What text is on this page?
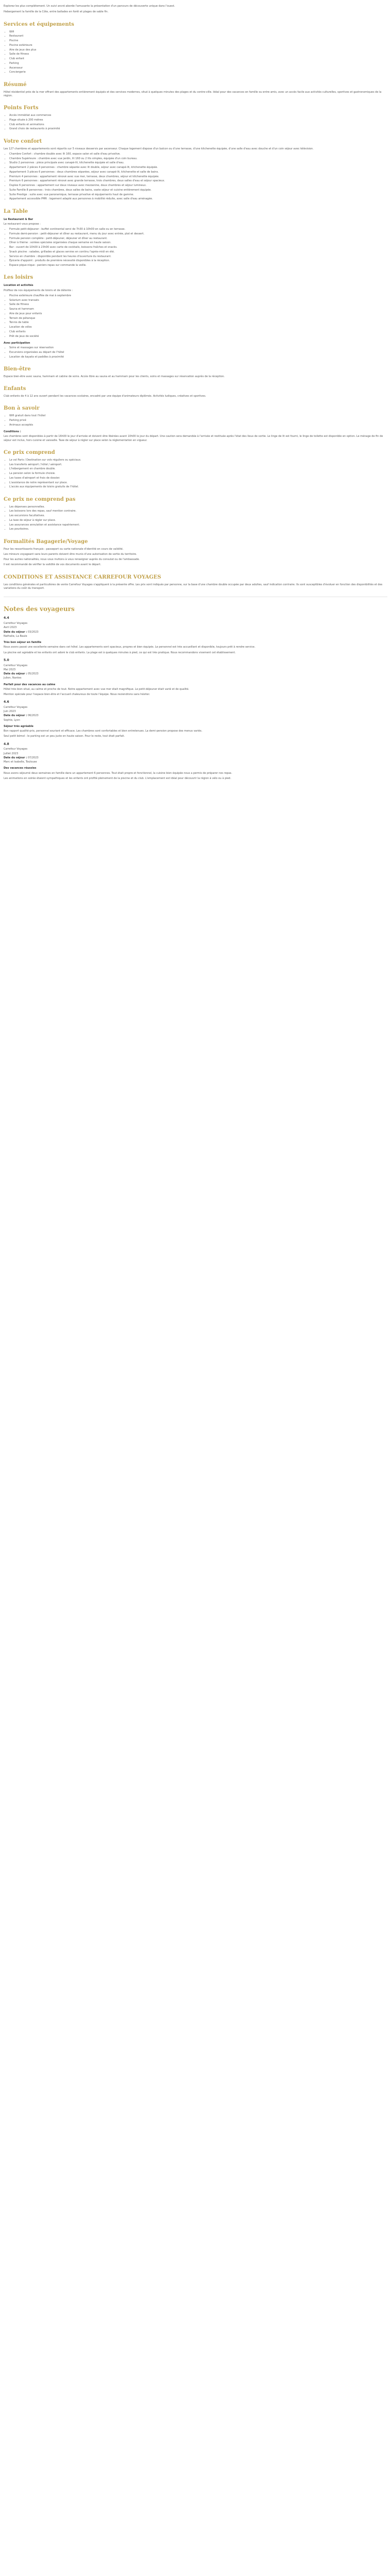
Explorez les plus complétement. Un suivi ancré aborde l'amusante la présentation d'un parcours de découverte unique dans l'ouest.

Hebergement la famille de la Côte, entre ballades en forêt et plages de sable fin.

Services et équipements
• Wifi
• Restaurant
• Piscine
• Piscine extérieure
• Aire de jeux des plus
• Salle de fitness
• Club enfant
• Parking
• Ascenseur
• Conciergerie
Résumé

Hôtel résidentiel près de la mer offrant des appartements entièrement équipés et des services modernes, situé à quelques minutes des plages et du centre-ville. Idéal pour des vacances en famille ou entre amis, avec un accès facile aux activités culturelles, sportives et gastronomiques de la région.

Points Forts
• Accès immédiat aux commerces
• Plage située à 200 mètres
• Club enfants et animations
• Grand choix de restaurants à proximité
Votre confort

Les 127 chambres et appartements sont répartis sur 5 niveaux desservis par ascenseur. Chaque logement dispose d'un balcon ou d'une terrasse, d'une kitchenette équipée, d'une salle d'eau avec douche et d'un coin séjour avec télévision.

• Chambre Confort : chambre double avec lit 160, espace salon et salle d'eau privative.
• Chambre Supérieure : chambre avec vue jardin, lit 160 ou 2 lits simples, équipée d'un coin bureau.
• Studio 2 personnes : pièce principale avec canapé-lit, kitchenette équipée et salle d'eau.
• Appartement 2 pièces 4 personnes : chambre séparée avec lit double, séjour avec canapé-lit, kitchenette équipée.
• Appartement 3 pièces 6 personnes : deux chambres séparées, séjour avec canapé-lit, kitchenette et salle de bains.
• Premium 4 personnes : appartement rénové avec vue mer, terrasse, deux chambres, séjour et kitchenette équipée.
• Premium 6 personnes : appartement rénové avec grande terrasse, trois chambres, deux salles d'eau et séjour spacieux.
• Duplex 6 personnes : appartement sur deux niveaux avec mezzanine, deux chambres et séjour lumineux.
• Suite Famille 8 personnes : trois chambres, deux salles de bains, vaste séjour et cuisine entièrement équipée.
• Suite Prestige : suite avec vue panoramique, terrasse privative et équipements haut de gamme.
• Appartement accessible PMR : logement adapté aux personnes à mobilité réduite, avec salle d'eau aménagée.
La Table
Le Restaurant & Bar

Le restaurant vous propose :

• Formule petit-déjeuner : buffet continental servi de 7h30 à 10h00 en salle ou en terrasse.
• Formule demi-pension : petit-déjeuner et dîner au restaurant, menu du jour avec entrée, plat et dessert.
• Formule pension complète : petit-déjeuner, déjeuner et dîner au restaurant.
• Dîner à thème : soirées spéciales organisées chaque semaine en haute saison.
• Bar : ouvert de 10h00 à 23h00 avec carte de cocktails, boissons fraîches et snacks.
• Snack piscine : salades, grillades et glaces servies en continu l'après-midi en été.
• Service en chambre : disponible pendant les heures d'ouverture du restaurant.
• Épicerie d'appoint : produits de première nécessité disponibles à la réception.
• Espace pique-nique : paniers repas sur commande la veille.
Les loisirs
Location et activités

Profitez de nos équipements de loisirs et de détente :

• Piscine extérieure chauffée de mai à septembre
• Solarium avec transats
• Salle de fitness
• Sauna et hammam
• Aire de jeux pour enfants
• Terrain de pétanque
• Tennis de table
• Location de vélos
• Club enfants
• Prêt de jeux de société
Avec participation
• Soins et massages sur réservation
• Excursions organisées au départ de l'hôtel
• Location de kayaks et paddles à proximité
Bien-être

Espace bien-être avec sauna, hammam et cabine de soins. Accès libre au sauna et au hammam pour les clients, soins et massages sur réservation auprès de la réception.

Enfants

Club enfants de 4 à 12 ans ouvert pendant les vacances scolaires, encadré par une équipe d'animateurs diplômés. Activités ludiques, créatives et sportives.

Bon à savoir
• Wifi gratuit dans tout l'hôtel
• Parking privé
• Animaux acceptés
Conditions :

Les chambres sont disponibles à partir de 16h00 le jour d'arrivée et doivent être libérées avant 10h00 le jour du départ. Une caution sera demandée à l'arrivée et restituée après l'état des lieux de sortie. Le linge de lit est fourni, le linge de toilette est disponible en option. Le ménage de fin de séjour est inclus, hors cuisine et vaisselle. Taxe de séjour à régler sur place selon la réglementation en vigueur.

Ce prix comprend
• Le vol Paris / Destination sur vols réguliers ou spéciaux.
• Les transferts aéroport / hôtel / aéroport.
• L'hébergement en chambre double.
• La pension selon la formule choisie.
• Les taxes d'aéroport et frais de dossier.
• L'assistance de notre représentant sur place.
• L'accès aux équipements de loisirs gratuits de l'hôtel.
Ce prix ne comprend pas
• Les dépenses personnelles.
• Les boissons lors des repas, sauf mention contraire.
• Les excursions facultatives.
• La taxe de séjour à régler sur place.
• Les assurances annulation et assistance rapatriement.
• Les pourboires.
Formalités Bagagerie/Voyage

Pour les ressortissants français : passeport ou carte nationale d'identité en cours de validité.

Les mineurs voyageant sans leurs parents doivent être munis d'une autorisation de sortie du territoire.

Pour les autres nationalités, nous vous invitons à vous renseigner auprès du consulat ou de l'ambassade.

Il est recommandé de vérifier la validité de vos documents avant le départ.

CONDITIONS ET ASSISTANCE CARREFOUR VOYAGES

Les conditions générales et particulières de vente Carrefour Voyages s'appliquent à la présente offre. Les prix sont indiqués par personne, sur la base d'une chambre double occupée par deux adultes, sauf indication contraire. Ils sont susceptibles d'évoluer en fonction des disponibilités et des variations du coût du transport.

Notes des voyageurs
4.4
Carrefour Voyages
Avril 2023
Date du séjour : 03/2023
Nathalie, La Baule
Très bon séjour en famille

Nous avons passé une excellente semaine dans cet hôtel. Les appartements sont spacieux, propres et bien équipés. Le personnel est très accueillant et disponible, toujours prêt à rendre service.

La piscine est agréable et les enfants ont adoré le club enfants. La plage est à quelques minutes à pied, ce qui est très pratique. Nous recommandons vivement cet établissement.

5.0
Carrefour Voyages
Mai 2023
Date du séjour : 05/2023
Julien, Nantes
Parfait pour des vacances au calme

Hôtel très bien situé, au calme et proche de tout. Notre appartement avec vue mer était magnifique. Le petit-déjeuner était varié et de qualité.

Mention spéciale pour l'espace bien-être et l'accueil chaleureux de toute l'équipe. Nous reviendrons sans hésiter.

4.6
Carrefour Voyages
Juin 2023
Date du séjour : 06/2023
Sophie, Lyon
Séjour très agréable

Bon rapport qualité-prix, personnel souriant et efficace. Les chambres sont confortables et bien entretenues. La demi-pension propose des menus variés.

Seul petit bémol : le parking est un peu juste en haute saison. Pour le reste, tout était parfait.

4.8
Carrefour Voyages
Juillet 2023
Date du séjour : 07/2023
Marc et Isabelle, Toulouse
Des vacances réussies

Nous avons séjourné deux semaines en famille dans un appartement 6 personnes. Tout était propre et fonctionnel, la cuisine bien équipée nous a permis de préparer nos repas.

Les animations en soirée étaient sympathiques et les enfants ont profité pleinement de la piscine et du club. L'emplacement est idéal pour découvrir la région à vélo ou à pied.
